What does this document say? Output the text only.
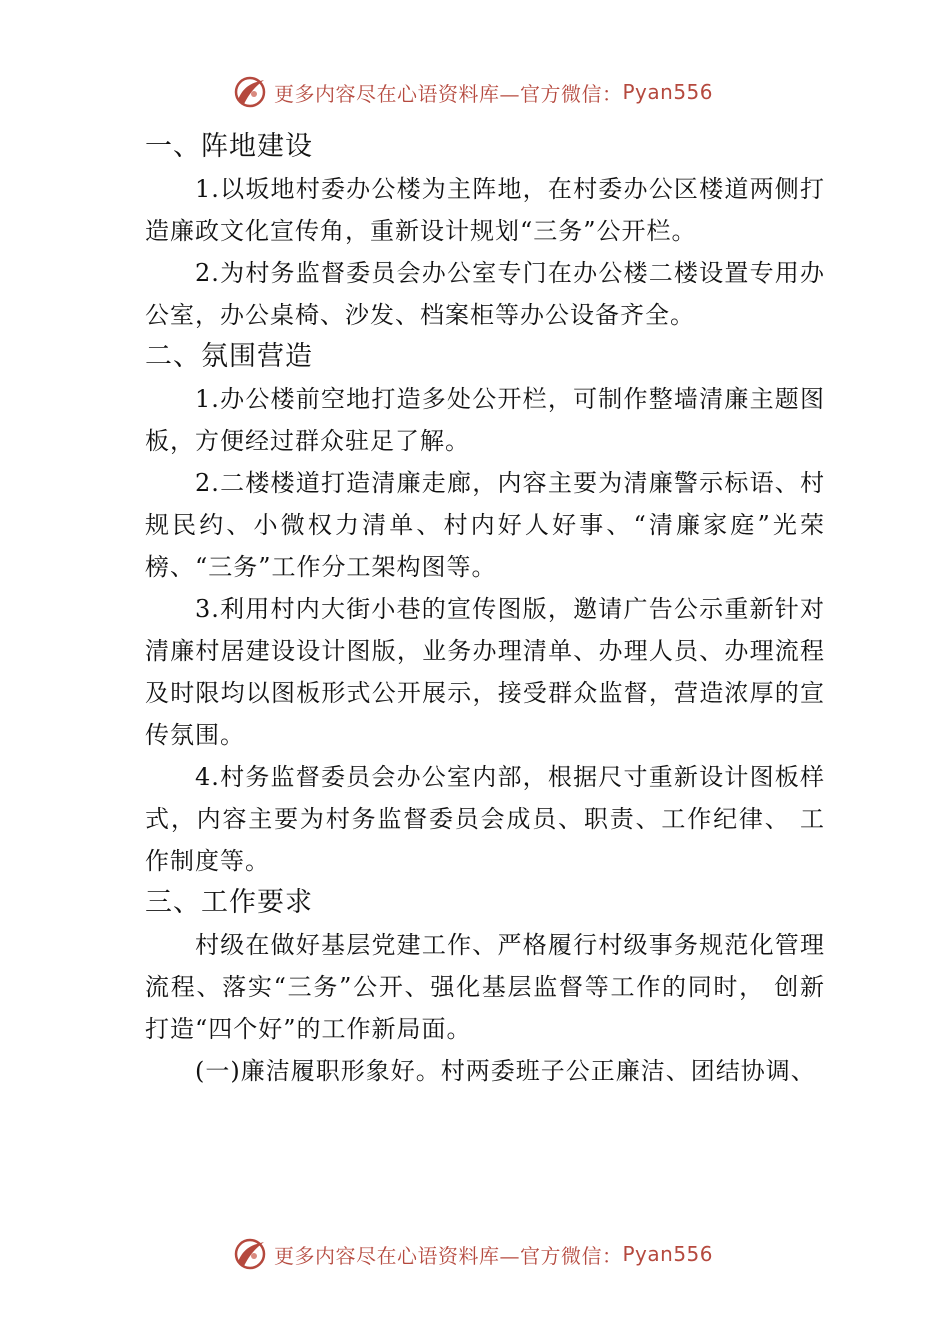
更多内容尽在心语资料库—官方微信： Pyan556
一、阵地建设

1.以坂地村委办公楼为主阵地，在村委办公区楼道两侧打造廉政文化宣传角，重新设计规划“三务”公开栏。

2.为村务监督委员会办公室专门在办公楼二楼设置专用办公室，办公桌椅、沙发、档案柜等办公设备齐全。

二、氛围营造

1.办公楼前空地打造多处公开栏，可制作整墙清廉主题图板，方便经过群众驻足了解。

2.二楼楼道打造清廉走廊，内容主要为清廉警示标语、村规民约、小微权力清单、村内好人好事、“清廉家庭”光荣榜、“三务”工作分工架构图等。

3.利用村内大街小巷的宣传图版，邀请广告公示重新针对清廉村居建设设计图版，业务办理清单、办理人员、办理流程及时限均以图板形式公开展示，接受群众监督，营造浓厚的宣传氛围。

4.村务监督委员会办公室内部，根据尺寸重新设计图板样式，内容主要为村务监督委员会成员、职责、工作纪律、 工作制度等。

三、工作要求

村级在做好基层党建工作、严格履行村级事务规范化管理流程、落实“三务”公开、强化基层监督等工作的同时， 创新打造“四个好”的工作新局面。

(一)廉洁履职形象好。村两委班子公正廉洁、团结协调、

更多内容尽在心语资料库—官方微信： Pyan556
